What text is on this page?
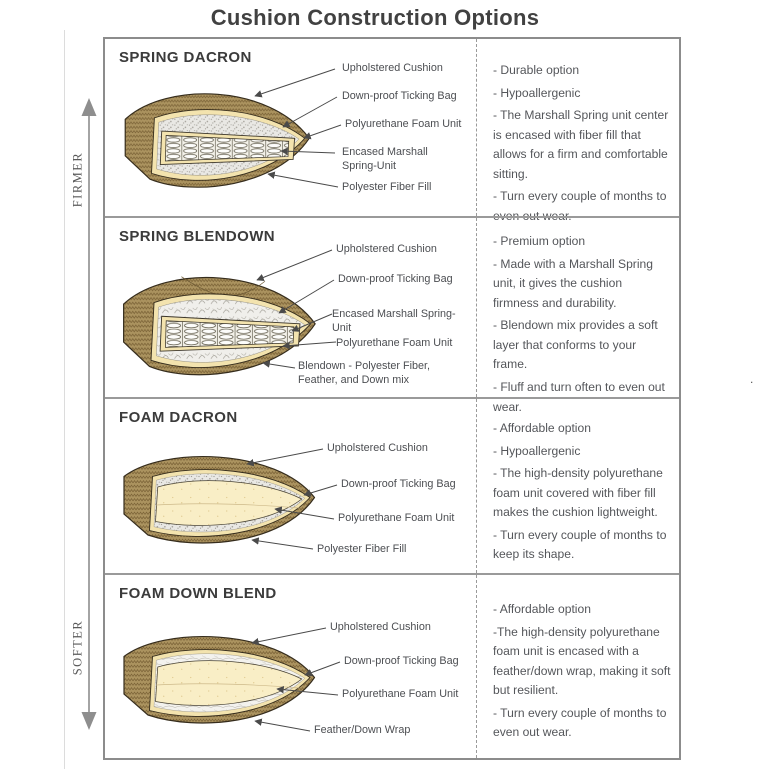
Cushion Construction Options
FIRMER
SOFTER
SPRING DACRON
Upholstered Cushion
Down-proof Ticking Bag
Polyurethane Foam Unit
Encased Marshall Spring-Unit
Polyester Fiber Fill

- Durable option

- Hypoallergenic

- The Marshall Spring unit center is encased with fiber fill that allows for a firm and comfortable sitting.

- Turn every couple of months to even out wear.

SPRING BLENDOWN
Upholstered Cushion
Down-proof Ticking Bag
Encased Marshall Spring-Unit
Polyurethane Foam Unit
Blendown - Polyester Fiber, Feather, and Down mix

- Premium option

- Made with a Marshall Spring unit, it gives the cushion firmness and durability.

- Blendown mix provides a soft layer that conforms to your frame.

- Fluff and turn often to even out wear.

FOAM DACRON
Upholstered Cushion
Down-proof Ticking Bag
Polyurethane Foam Unit
Polyester Fiber Fill

- Affordable option

- Hypoallergenic

- The high-density polyurethane foam unit covered with fiber fill makes the cushion lightweight.

- Turn every couple of months to keep its shape.

FOAM DOWN BLEND
Upholstered Cushion
Down-proof Ticking Bag
Polyurethane Foam Unit
Feather/Down Wrap

- Affordable option

-The high-density polyurethane foam unit is encased with a feather/down wrap, making it soft but resilient.

- Turn every couple of months to even out wear.

.
